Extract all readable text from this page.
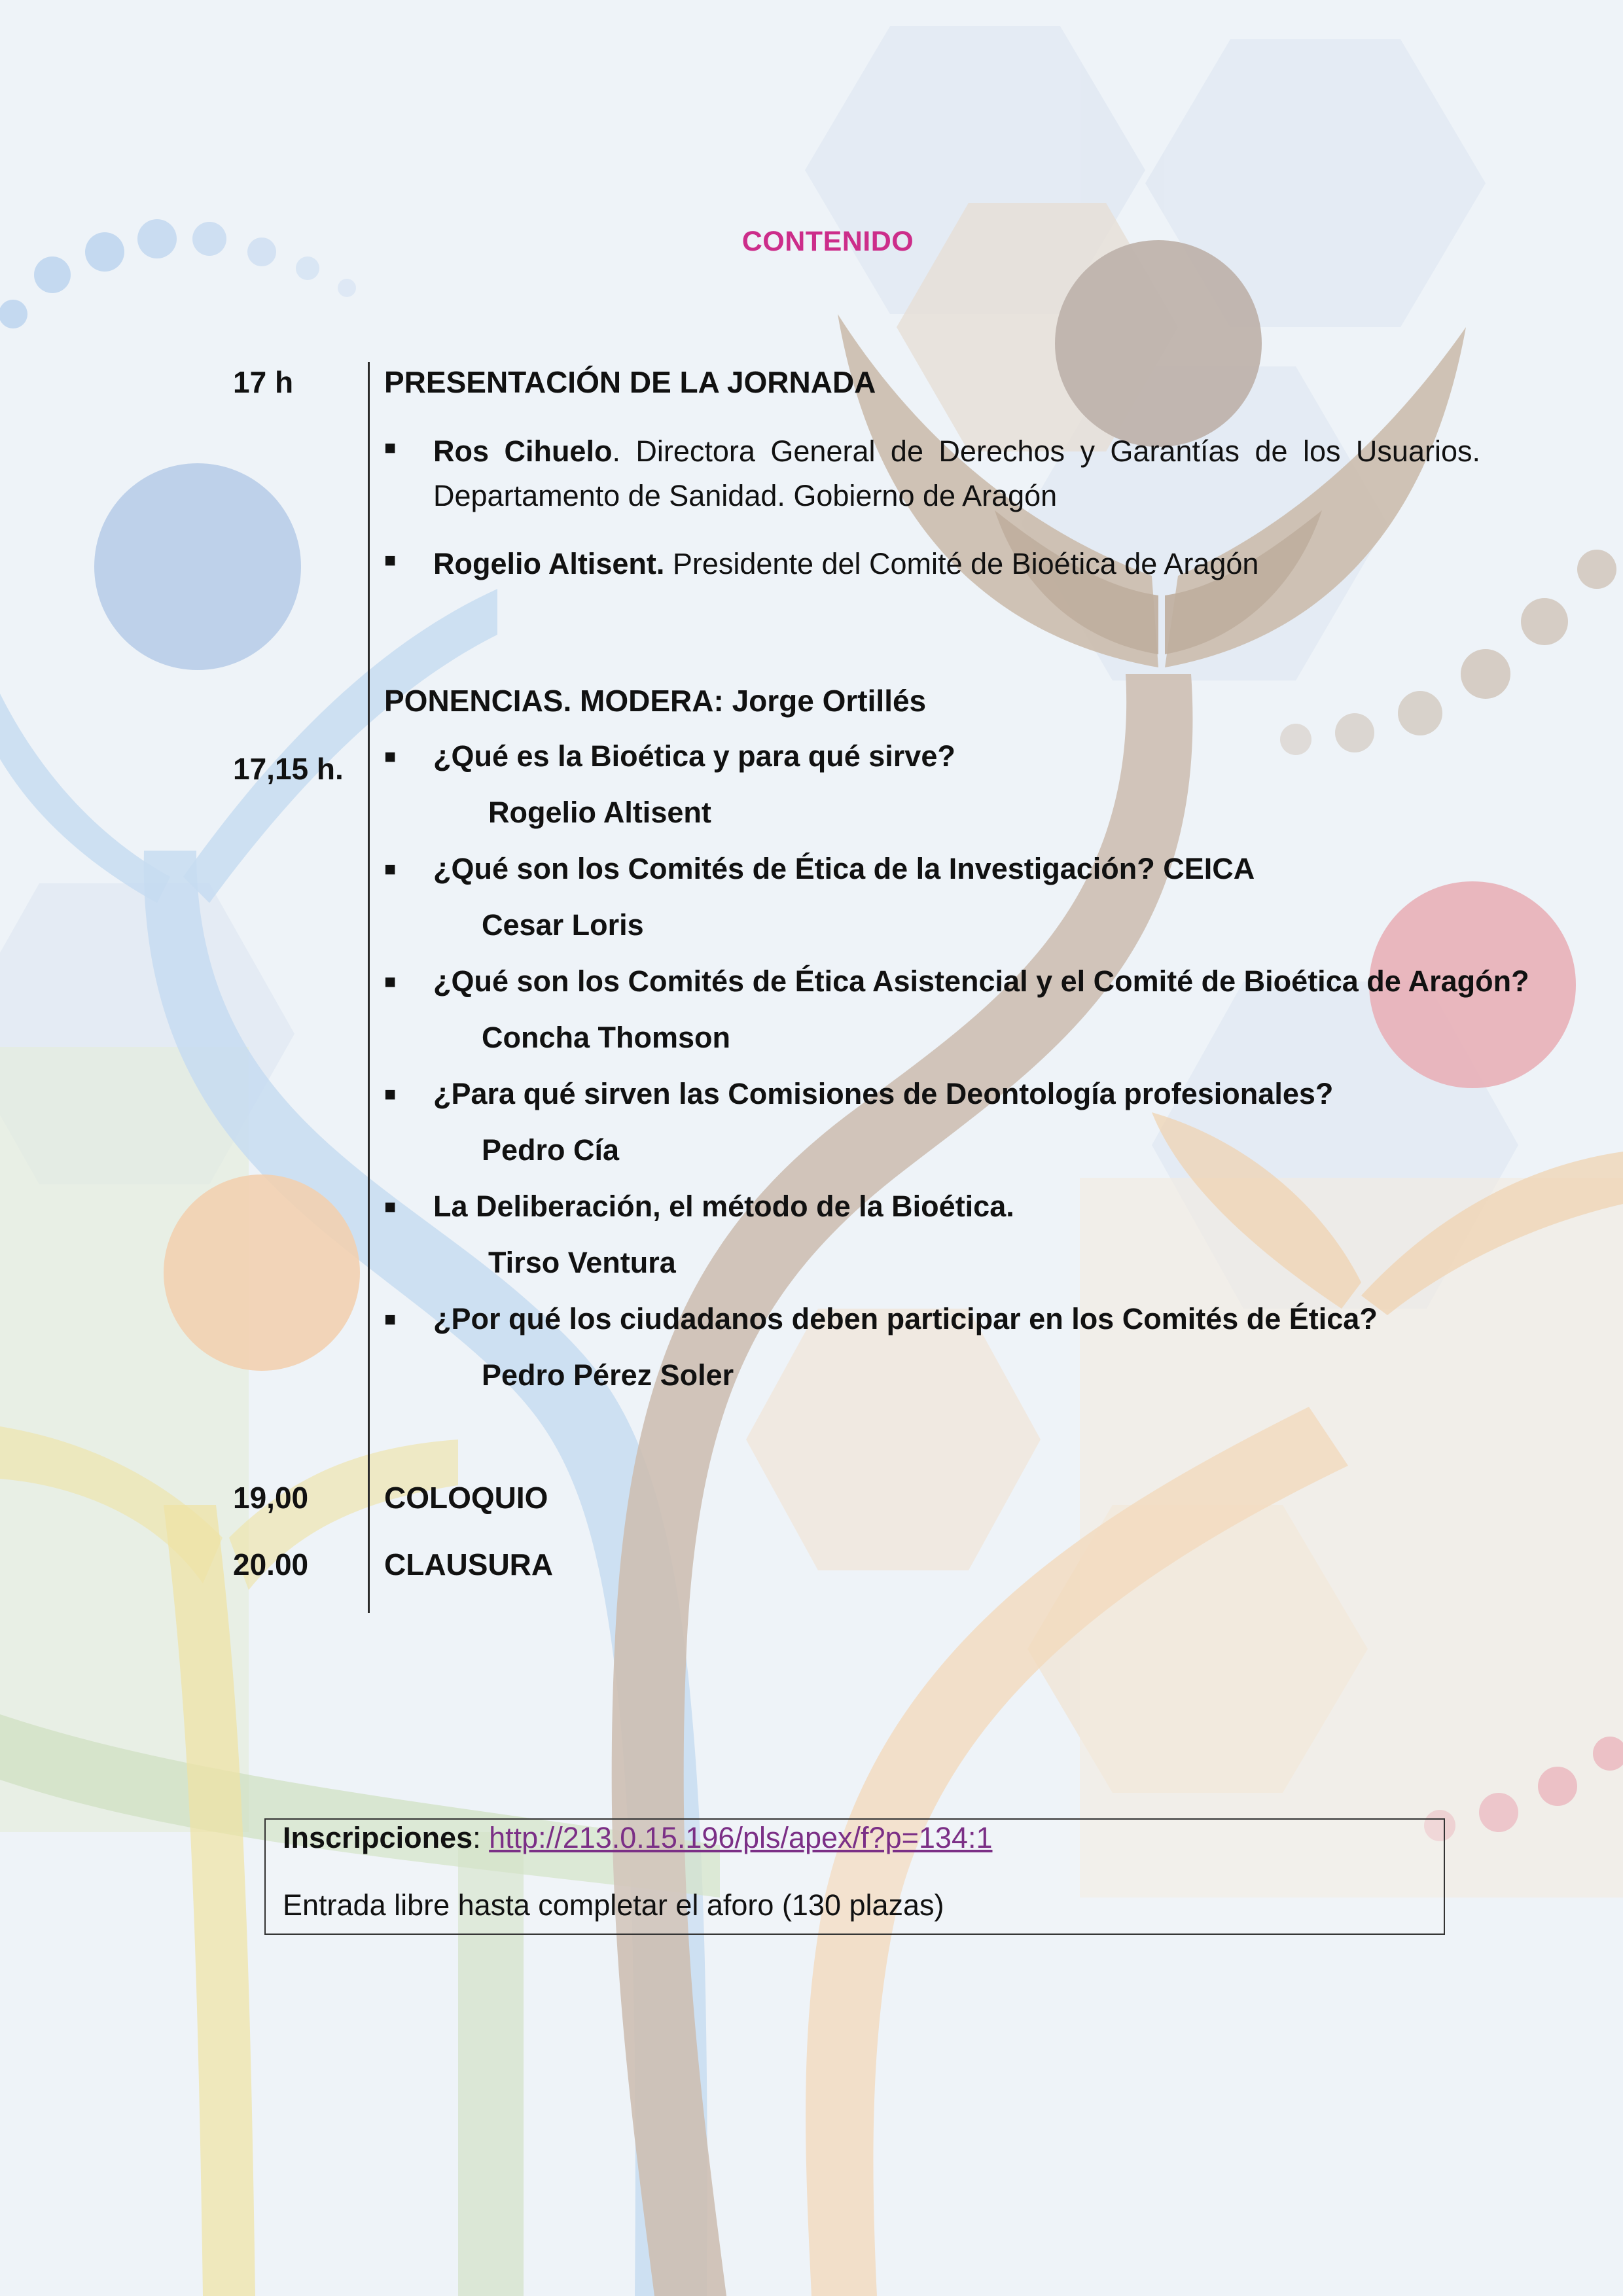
CONTENIDO
17 h	PRESENTACIÓN DE LA JORNADA
■ Ros Cihuelo. Directora General de Derechos y Garantías de los Usuarios. Departamento de Sanidad. Gobierno de Aragón
■ Rogelio Altisent. Presidente del Comité de Bioética de Aragón
PONENCIAS. MODERA: Jorge Ortillés
17,15 h. ■ ¿Qué es la Bioética y para qué sirve?
Rogelio Altisent
■ ¿Qué son los Comités de Ética de la Investigación? CEICA
Cesar Loris
■ ¿Qué son los Comités de Ética Asistencial y el Comité de Bioética de Aragón?
Concha Thomson
■ ¿Para qué sirven las Comisiones de Deontología profesionales?
Pedro Cía
■ La Deliberación, el método de la Bioética.
Tirso Ventura
■ ¿Por qué los ciudadanos deben participar en los Comités de Ética?
Pedro Pérez Soler
19,00	COLOQUIO
20.00	CLAUSURA
Inscripciones: http://213.0.15.196/pls/apex/f?p=134:1
Entrada libre hasta completar el aforo (130 plazas)
